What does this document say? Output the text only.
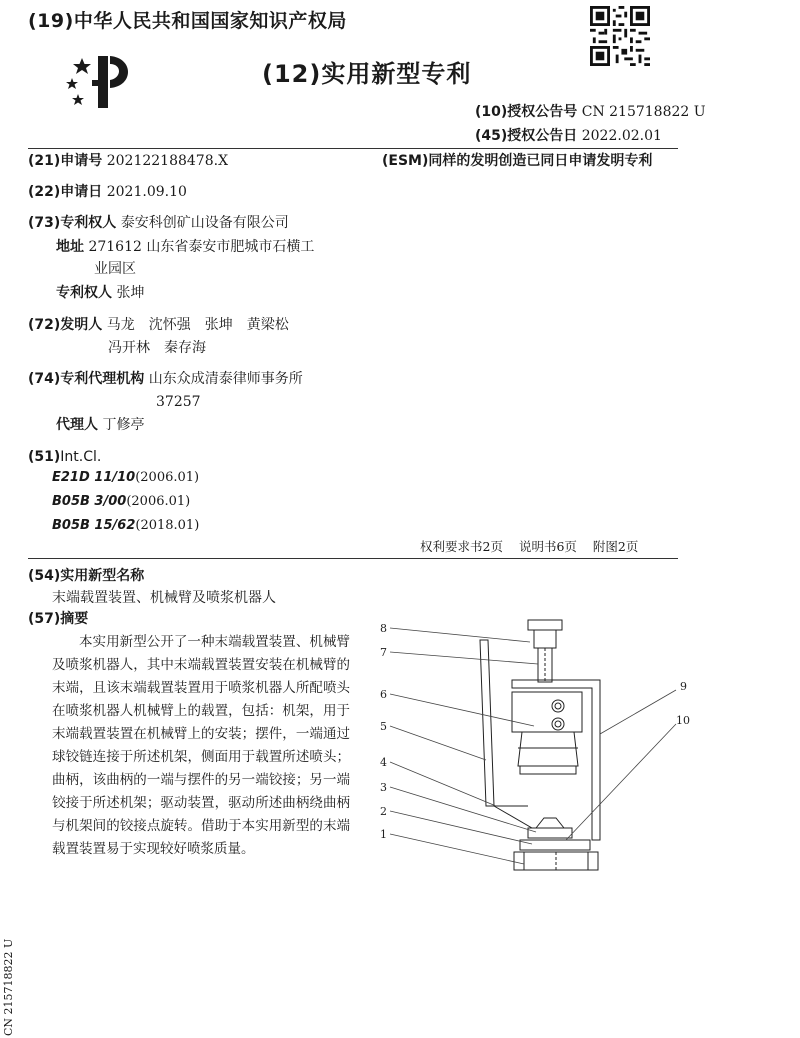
(19)中华人民共和国国家知识产权局
(12)实用新型专利
(10)授权公告号 CN 215718822 U
(45)授权公告日 2022.02.01
(21)申请号 202122188478.X	(ESM)同样的发明创造已同日申请发明专利
(22)申请日 2021.09.10
(73)专利权人 泰安科创矿山设备有限公司
地址 271612 山东省泰安市肥城市石横工
业园区
专利权人 张坤
(72)发明人 马龙　沈怀强　张坤　黄梁松
冯开林　秦存海
(74)专利代理机构 山东众成清泰律师事务所
37257
代理人 丁修亭
(51)Int.Cl.
E21D 11/10(2006.01)
B05B 3/00(2006.01)
B05B 15/62(2018.01)
权利要求书2页 说明书6页 附图2页
(54)实用新型名称
末端载置装置、机械臂及喷浆机器人
(57)摘要
本实用新型公开了一种末端载置装置、机械臂及喷浆机器人，其中末端载置装置安装在机械臂的末端，且该末端载置装置用于喷浆机器人所配喷头在喷浆机器人机械臂上的载置，包括：机架，用于末端载置装置在机械臂上的安装；摆件，一端通过球铰链连接于所述机架，侧面用于载置所述喷头；曲柄，该曲柄的一端与摆件的另一端铰接；另一端铰接于所述机架；驱动装置，驱动所述曲柄绕曲柄与机架间的铰接点旋转。借助于本实用新型的末端载置装置易于实现较好喷浆质量。
1
2
3
4
5
6
7
8
9
10
CN 215718822 U
